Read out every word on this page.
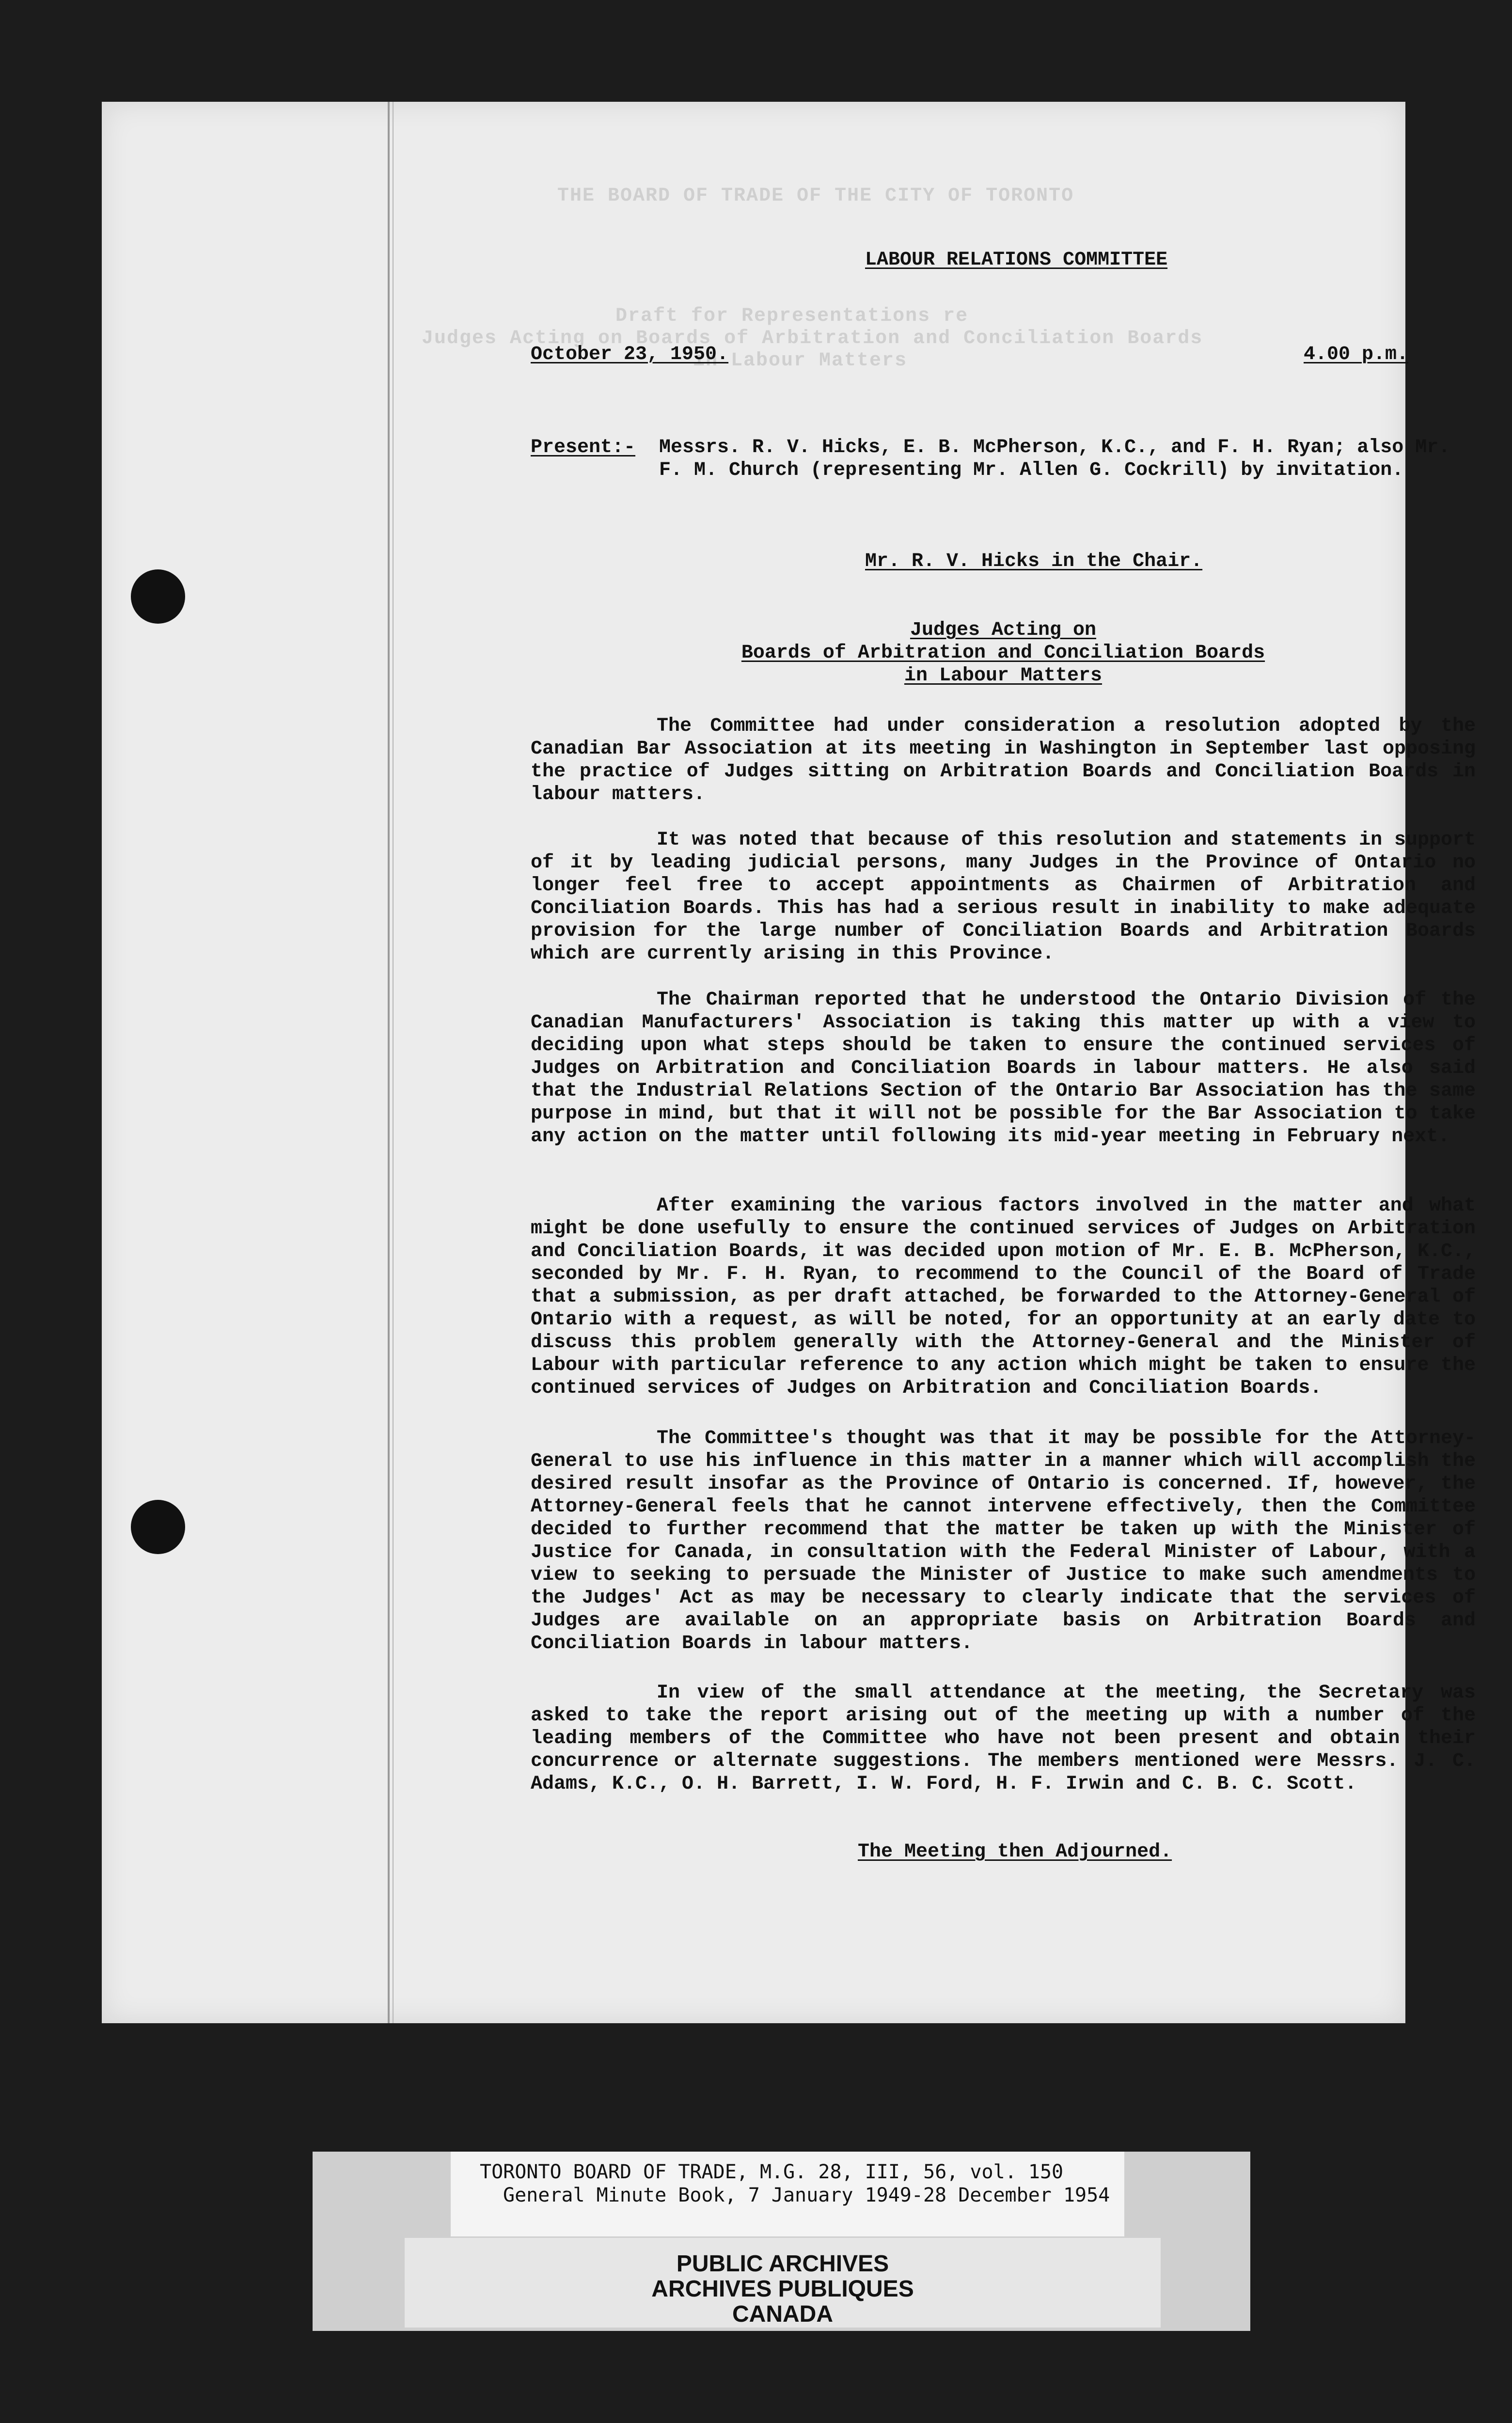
THE BOARD OF TRADE OF THE CITY OF TORONTO
Draft for Representations re
Judges Acting on Boards of Arbitration and Conciliation Boards
in Labour Matters
LABOUR RELATIONS COMMITTEE
October 23, 1950.	4.00 p.m.
Present:- Messrs. R. V. Hicks, E. B. McPherson, K.C., and F. H. Ryan; also Mr. F. M. Church (representing Mr. Allen G. Cockrill) by invitation.
Mr. R. V. Hicks in the Chair.
Judges Acting on
Boards of Arbitration and Conciliation Boards
in Labour Matters
The Committee had under consideration a resolution adopted by the Canadian Bar Association at its meeting in Washington in September last opposing the practice of Judges sitting on Arbitration Boards and Conciliation Boards in labour matters.
It was noted that because of this resolution and statements in support of it by leading judicial persons, many Judges in the Province of Ontario no longer feel free to accept appointments as Chairmen of Arbitration and Conciliation Boards. This has had a serious result in inability to make adequate provision for the large number of Conciliation Boards and Arbitration Boards which are currently arising in this Province.
The Chairman reported that he understood the Ontario Division of the Canadian Manufacturers' Association is taking this matter up with a view to deciding upon what steps should be taken to ensure the continued services of Judges on Arbitration and Conciliation Boards in labour matters. He also said that the Industrial Relations Section of the Ontario Bar Association has the same purpose in mind, but that it will not be possible for the Bar Association to take any action on the matter until following its mid-year meeting in February next.
After examining the various factors involved in the matter and what might be done usefully to ensure the continued services of Judges on Arbitration and Conciliation Boards, it was decided upon motion of Mr. E. B. McPherson, K.C., seconded by Mr. F. H. Ryan, to recommend to the Council of the Board of Trade that a submission, as per draft attached, be forwarded to the Attorney-General of Ontario with a request, as will be noted, for an opportunity at an early date to discuss this problem generally with the Attorney-General and the Minister of Labour with particular reference to any action which might be taken to ensure the continued services of Judges on Arbitration and Conciliation Boards.
The Committee's thought was that it may be possible for the Attorney-General to use his influence in this matter in a manner which will accomplish the desired result insofar as the Province of Ontario is concerned. If, however, the Attorney-General feels that he cannot intervene effectively, then the Committee decided to further recommend that the matter be taken up with the Minister of Justice for Canada, in consultation with the Federal Minister of Labour, with a view to seeking to persuade the Minister of Justice to make such amendments to the Judges' Act as may be necessary to clearly indicate that the services of Judges are available on an appropriate basis on Arbitration Boards and Conciliation Boards in labour matters.
In view of the small attendance at the meeting, the Secretary was asked to take the report arising out of the meeting up with a number of the leading members of the Committee who have not been present and obtain their concurrence or alternate suggestions. The members mentioned were Messrs. J. C. Adams, K.C., O. H. Barrett, I. W. Ford, H. F. Irwin and C. B. C. Scott.
The Meeting then Adjourned.
TORONTO BOARD OF TRADE, M.G. 28, III, 56, vol. 150
General Minute Book, 7 January 1949-28 December 1954
PUBLIC ARCHIVES
ARCHIVES PUBLIQUES
CANADA
